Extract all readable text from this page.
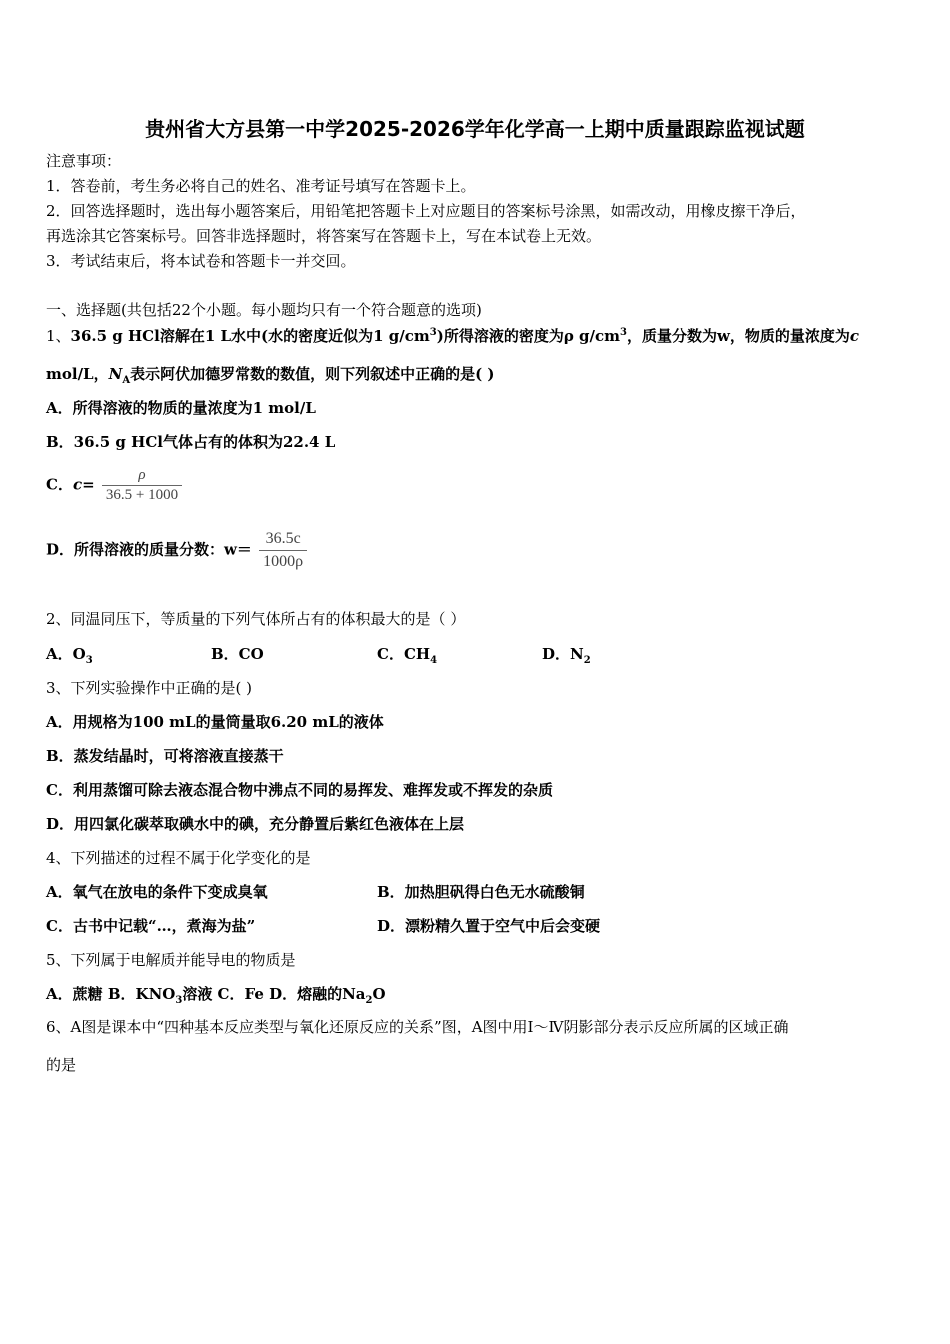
贵州省大方县第一中学2025-2026学年化学高一上期中质量跟踪监视试题
注意事项：
1．答卷前，考生务必将自己的姓名、准考证号填写在答题卡上。
2．回答选择题时，选出每小题答案后，用铅笔把答题卡上对应题目的答案标号涂黑，如需改动，用橡皮擦干净后，
再选涂其它答案标号。回答非选择题时，将答案写在答题卡上，写在本试卷上无效。
3．考试结束后，将本试卷和答题卡一并交回。
一、选择题(共包括22个小题。每小题均只有一个符合题意的选项)
1、36.5 g HCl溶解在1 L水中(水的密度近似为1 $g/cm^3$)所得溶液的密度为ρ $g/cm^3$，质量分数为w，物质的量浓度为c
mol/L，$N_A$表示阿伏加德罗常数的数值，则下列叙述中正确的是( )
A．所得溶液的物质的量浓度为1 mol/L
B．36.5 g HCl气体占有的体积为22.4 L
C．$c= \frac{\rho}{36.5 + 1000}$
D．所得溶液的质量分数：$w= \frac{36.5c}{1000\rho}$
2、同温同压下，等质量的下列气体所占有的体积最大的是（ ）
A．$O_3$	B．CO	C．$CH_4$	D．$N_2$
3、下列实验操作中正确的是( )
A．用规格为100 mL的量筒量取6.20 mL的液体
B．蒸发结晶时，可将溶液直接蒸干
C．利用蒸馏可除去液态混合物中沸点不同的易挥发、难挥发或不挥发的杂质
D．用四氯化碳萃取碘水中的碘，充分静置后紫红色液体在上层
4、下列描述的过程不属于化学变化的是
A．氧气在放电的条件下变成臭氧	B．加热胆矾得白色无水硫酸铜
C．古书中记载“…，煮海为盐”	D．漂粉精久置于空气中后会变硬
5、下列属于电解质并能导电的物质是
A．蔗糖 B．$KNO_3$溶液 C．Fe D．熔融的$Na_2O$
6、A图是课本中“四种基本反应类型与氧化还原反应的关系”图，A图中用Ⅰ～Ⅳ阴影部分表示反应所属的区域正确
的是
